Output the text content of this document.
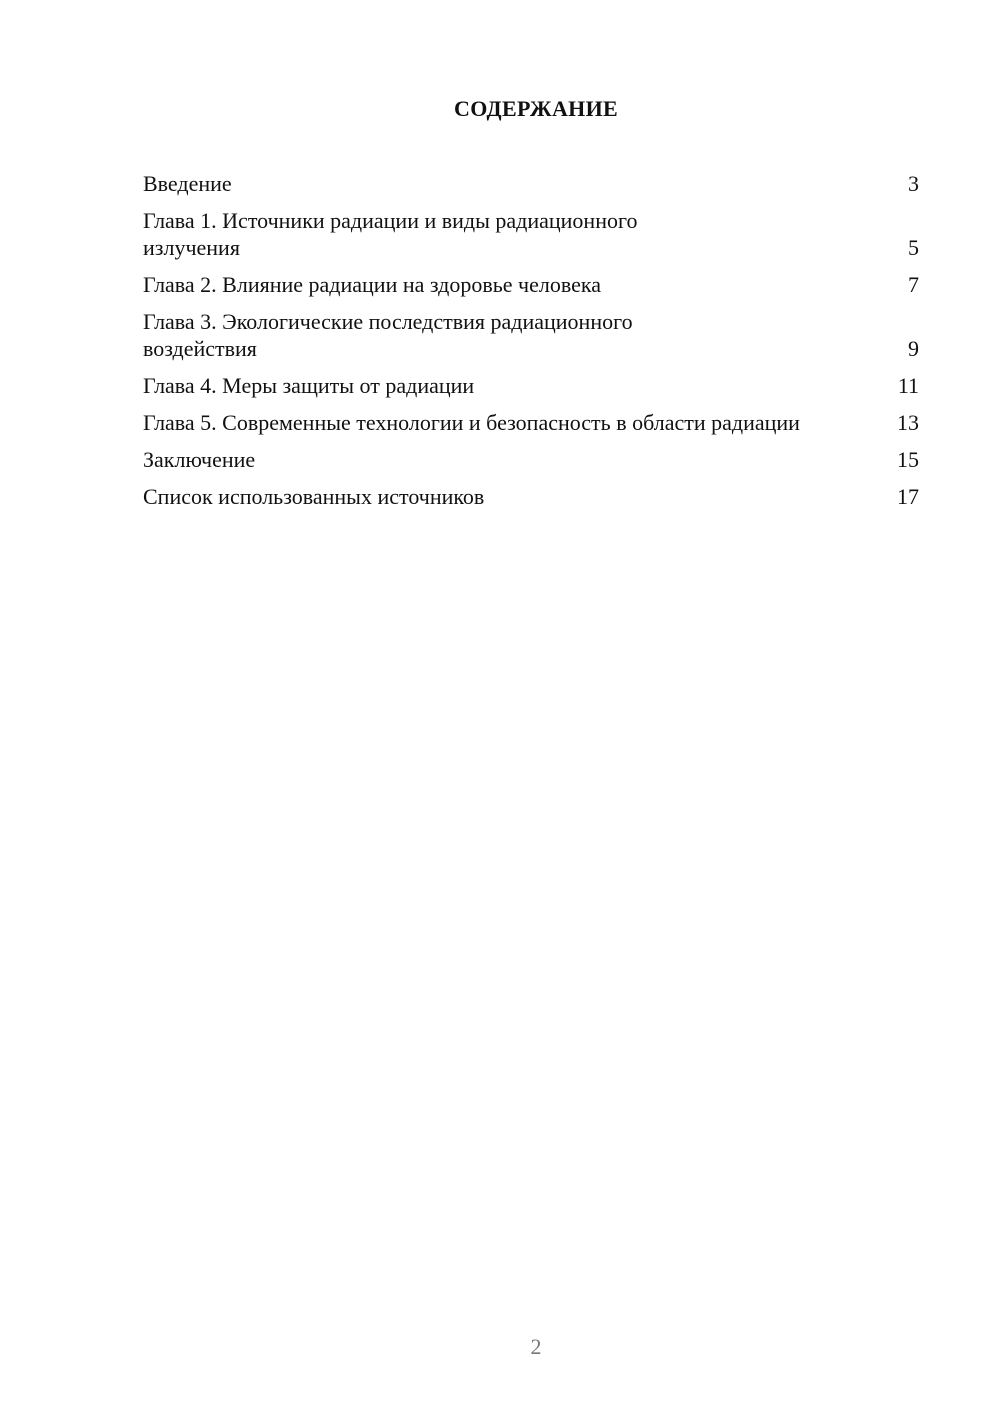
СОДЕРЖАНИЕ
Введение	3
Глава 1. Источники радиации и виды радиационного излучения	5
Глава 2. Влияние радиации на здоровье человека	7
Глава 3. Экологические последствия радиационного воздействия	9
Глава 4. Меры защиты от радиации	11
Глава 5. Современные технологии и безопасность в области радиации	13
Заключение	15
Список использованных источников	17
2
